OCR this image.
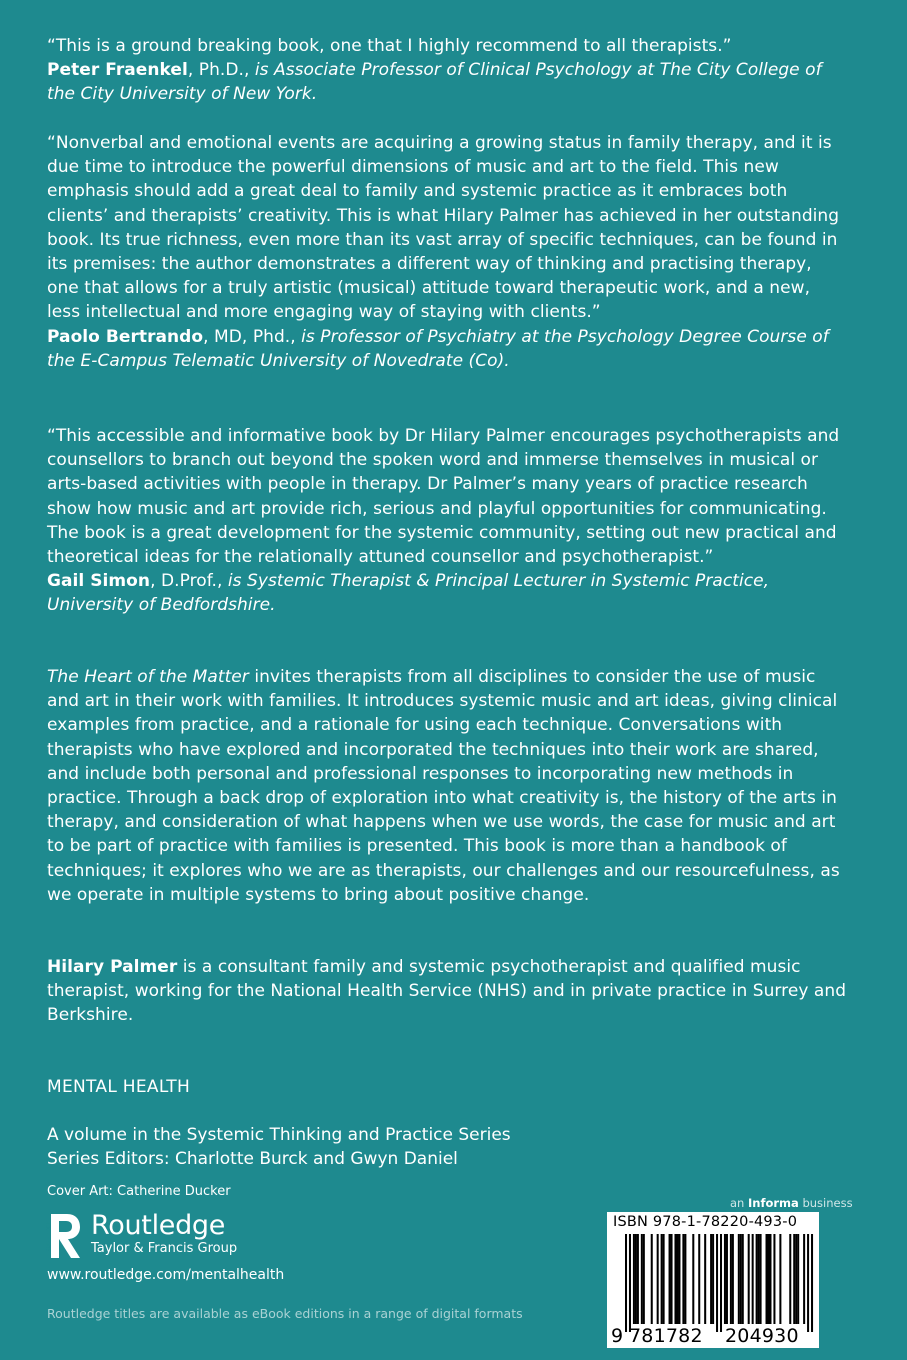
“This is a ground breaking book, one that I highly recommend to all therapists.”

Peter Fraenkel, Ph.D., is Associate Professor of Clinical Psychology at The City College of the City University of New York.

“Nonverbal and emotional events are acquiring a growing status in family therapy, and it is due time to introduce the powerful dimensions of music and art to the field. This new emphasis should add a great deal to family and systemic practice as it embraces both clients’ and therapists’ creativity. This is what Hilary Palmer has achieved in her outstanding book. Its true richness, even more than its vast array of specific techniques, can be found in its premises: the author demonstrates a different way of thinking and practising therapy, one that allows for a truly artistic (musical) attitude toward therapeutic work, and a new, less intellectual and more engaging way of staying with clients.”

Paolo Bertrando, MD, Phd., is Professor of Psychiatry at the Psychology Degree Course of the E-Campus Telematic University of Novedrate (Co).

“This accessible and informative book by Dr Hilary Palmer encourages psychotherapists and counsellors to branch out beyond the spoken word and immerse themselves in musical or arts-based activities with people in therapy. Dr Palmer’s many years of practice research show how music and art provide rich, serious and playful opportunities for communicating. The book is a great development for the systemic community, setting out new practical and theoretical ideas for the relationally attuned counsellor and psychotherapist.”

Gail Simon, D.Prof., is Systemic Therapist & Principal Lecturer in Systemic Practice, University of Bedfordshire.

The Heart of the Matter invites therapists from all disciplines to consider the use of music and art in their work with families. It introduces systemic music and art ideas, giving clinical examples from practice, and a rationale for using each technique. Conversations with therapists who have explored and incorporated the techniques into their work are shared, and include both personal and professional responses to incorporating new methods in practice. Through a back drop of exploration into what creativity is, the history of the arts in therapy, and consideration of what happens when we use words, the case for music and art to be part of practice with families is presented. This book is more than a handbook of techniques; it explores who we are as therapists, our challenges and our resourcefulness, as we operate in multiple systems to bring about positive change.

Hilary Palmer is a consultant family and systemic psychotherapist and qualified music therapist, working for the National Health Service (NHS) and in private practice in Surrey and Berkshire.

MENTAL HEALTH
A volume in the Systemic Thinking and Practice Series
Series Editors: Charlotte Burck and Gwyn Daniel
Cover Art: Catherine Ducker
ROUTLEDGE Routledge
Taylor & Francis Group
www.routledge.com/mentalhealth
Routledge titles are available as eBook editions in a range of digital formats
an Informa business
ISBN 978-1-78220-493-0
9 781782 204930
